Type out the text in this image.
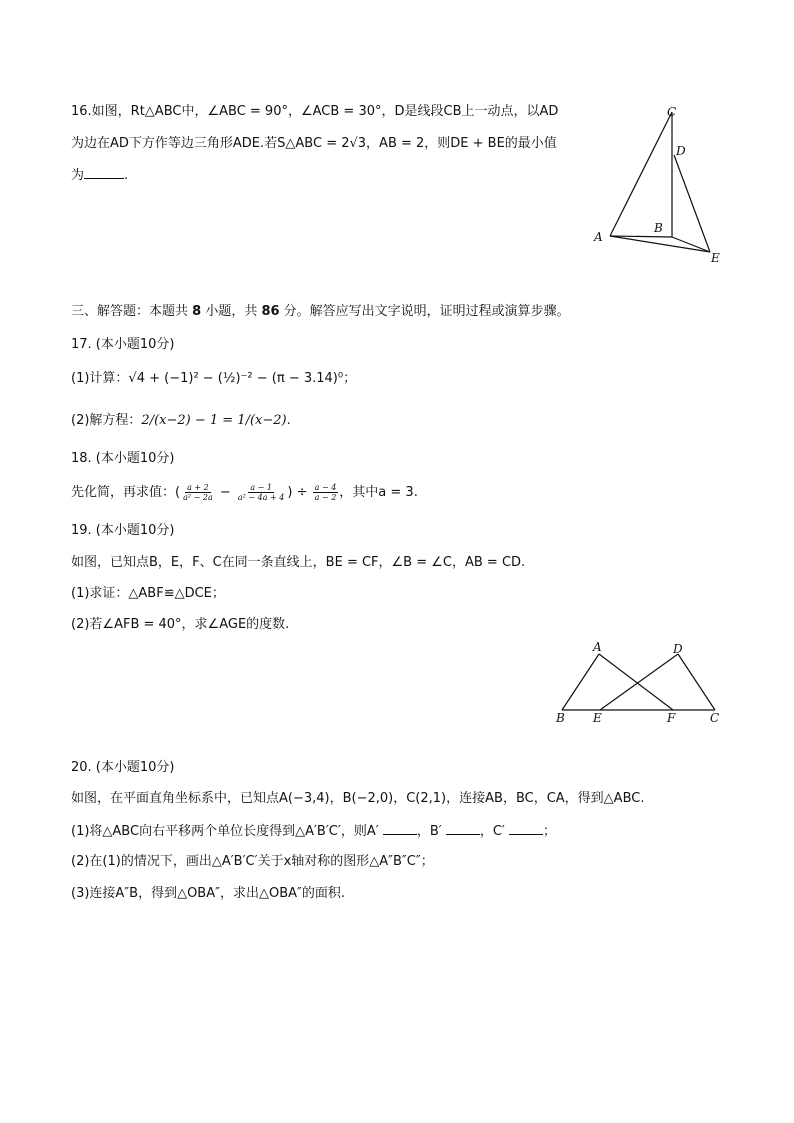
16.如图，Rt△ABC中，∠ABC = 90°，∠ACB = 30°，D是线段CB上一动点，以AD
为边在AD下方作等边三角形ADE.若S△ABC = 2√3，AB = 2，则DE + BE的最小值
为	.
C
D
B
A
E
三、解答题：本题共 8 小题，共 86 分。解答应写出文字说明，证明过程或演算步骤。
17. (本小题10分)
(1)计算：√4 + (−1)² − (½)⁻² − (π − 3.14)⁰；
(2)解方程：2/(x−2) − 1 = 1/(x−2).
18. (本小题10分)
先化简，再求值：( $\frac{a + 2}{\text{a² − 2a}} - \frac{a - 1}{\text{a² − 4a + 4}}$ ) ÷ $\frac{a - 4}{a - 2}$ ，其中a = 3.
19. (本小题10分)
如图，已知点B，E，F、C在同一条直线上，BE = CF，∠B = ∠C，AB = CD.
(1)求证：△ABF≌△DCE；
(2)若∠AFB = 40°，求∠AGE的度数.
A	D
B E	F	C
20. (本小题10分)
如图，在平面直角坐标系中，已知点A(−3,4)，B(−2,0)，C(2,1)，连接AB，BC，CA，得到△ABC.
(1)将△ABC向右平移两个单位长度得到△A′B′C′，则A′	，B′	，C′	；
(2)在(1)的情况下，画出△A′B′C′关于x轴对称的图形△A″B″C″；
(3)连接A″B，得到△OBA″，求出△OBA″的面积.
